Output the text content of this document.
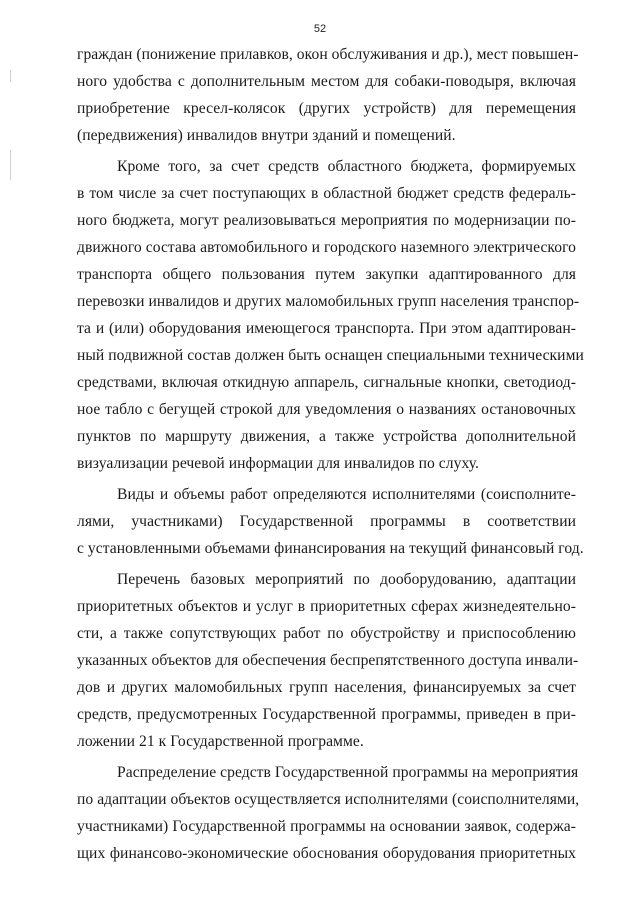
52
граждан (понижение прилавков, окон обслуживания и др.), мест повышен-
ного удобства с дополнительным местом для собаки-поводыря, включая
приобретение кресел-колясок (других устройств) для перемещения
(передвижения) инвалидов внутри зданий и помещений.
Кроме того, за счет средств областного бюджета, формируемых
в том числе за счет поступающих в областной бюджет средств федераль-
ного бюджета, могут реализовываться мероприятия по модернизации по-
движного состава автомобильного и городского наземного электрического
транспорта общего пользования путем закупки адаптированного для
перевозки инвалидов и других маломобильных групп населения транспор-
та и (или) оборудования имеющегося транспорта. При этом адаптирован-
ный подвижной состав должен быть оснащен специальными техническими
средствами, включая откидную аппарель, сигнальные кнопки, светодиод-
ное табло с бегущей строкой для уведомления о названиях остановочных
пунктов по маршруту движения, а также устройства дополнительной
визуализации речевой информации для инвалидов по слуху.
Виды и объемы работ определяются исполнителями (соисполните-
лями, участниками) Государственной программы в соответствии
с установленными объемами финансирования на текущий финансовый год.
Перечень базовых мероприятий по дооборудованию, адаптации
приоритетных объектов и услуг в приоритетных сферах жизнедеятельно-
сти, а также сопутствующих работ по обустройству и приспособлению
указанных объектов для обеспечения беспрепятственного доступа инвали-
дов и других маломобильных групп населения, финансируемых за счет
средств, предусмотренных Государственной программы, приведен в при-
ложении 21 к Государственной программе.
Распределение средств Государственной программы на мероприятия
по адаптации объектов осуществляется исполнителями (соисполнителями,
участниками) Государственной программы на основании заявок, содержа-
щих финансово-экономические обоснования оборудования приоритетных
